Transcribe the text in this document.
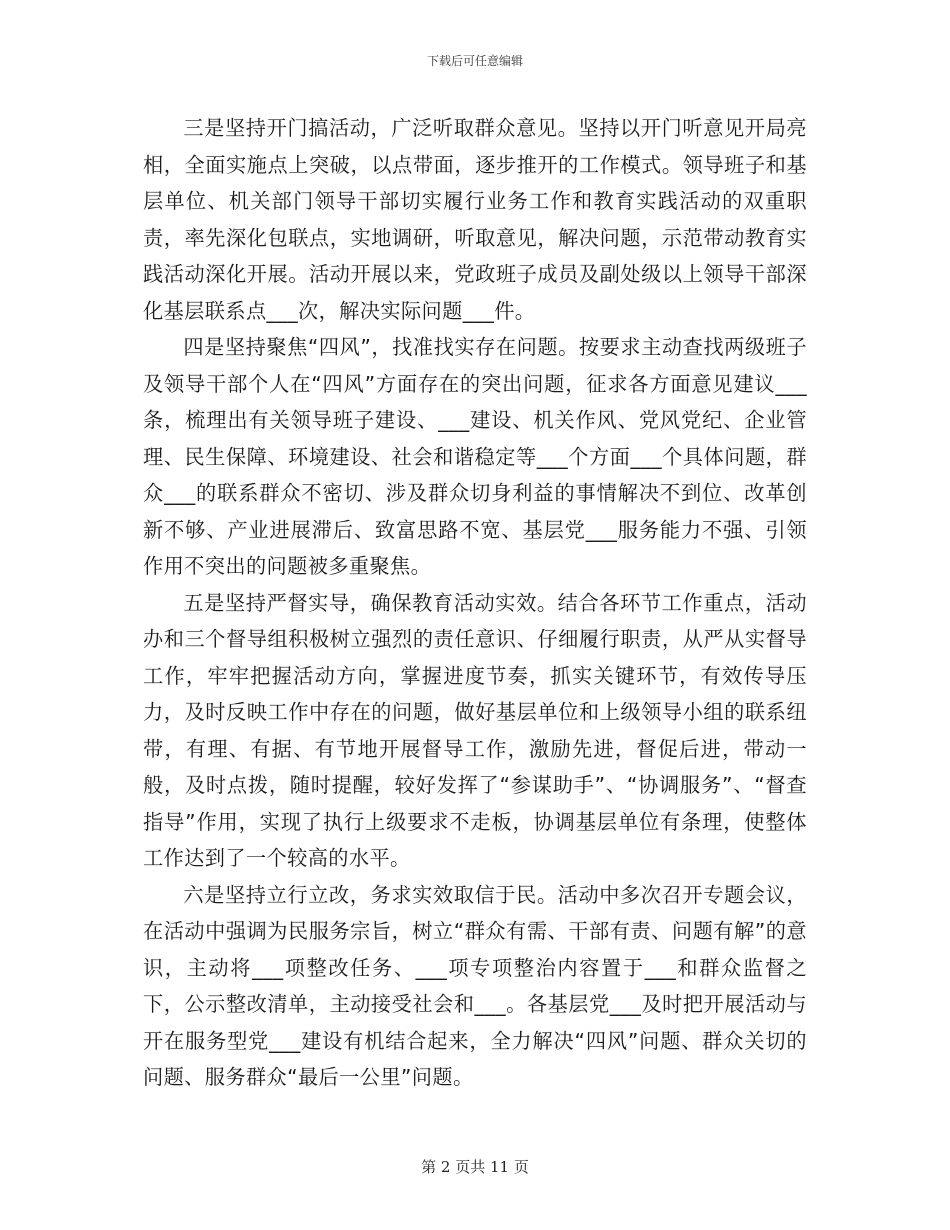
下载后可任意编辑

三是坚持开门搞活动，广泛听取群众意见。坚持以开门听意见开局亮相，全面实施点上突破，以点带面，逐步推开的工作模式。领导班子和基层单位、机关部门领导干部切实履行业务工作和教育实践活动的双重职责，率先深化包联点，实地调研，听取意见，解决问题，示范带动教育实践活动深化开展。活动开展以来，党政班子成员及副处级以上领导干部深化基层联系点___次，解决实际问题___件。

四是坚持聚焦“四风”，找准找实存在问题。按要求主动查找两级班子及领导干部个人在“四风”方面存在的突出问题，征求各方面意见建议___条，梳理出有关领导班子建设、___建设、机关作风、党风党纪、企业管理、民生保障、环境建设、社会和谐稳定等___个方面___个具体问题，群众___的联系群众不密切、涉及群众切身利益的事情解决不到位、改革创新不够、产业进展滞后、致富思路不宽、基层党___服务能力不强、引领作用不突出的问题被多重聚焦。

五是坚持严督实导，确保教育活动实效。结合各环节工作重点，活动办和三个督导组积极树立强烈的责任意识、仔细履行职责，从严从实督导工作，牢牢把握活动方向，掌握进度节奏，抓实关键环节，有效传导压力，及时反映工作中存在的问题，做好基层单位和上级领导小组的联系纽带，有理、有据、有节地开展督导工作，激励先进，督促后进，带动一般，及时点拨，随时提醒，较好发挥了“参谋助手”、“协调服务”、“督查指导”作用，实现了执行上级要求不走板，协调基层单位有条理，使整体工作达到了一个较高的水平。

六是坚持立行立改，务求实效取信于民。活动中多次召开专题会议，在活动中强调为民服务宗旨，树立“群众有需、干部有责、问题有解”的意识，主动将___项整改任务、___项专项整治内容置于___和群众监督之下，公示整改清单，主动接受社会和___。各基层党___及时把开展活动与开在服务型党___建设有机结合起来，全力解决“四风”问题、群众关切的问题、服务群众“最后一公里”问题。

第 2 页共 11 页
